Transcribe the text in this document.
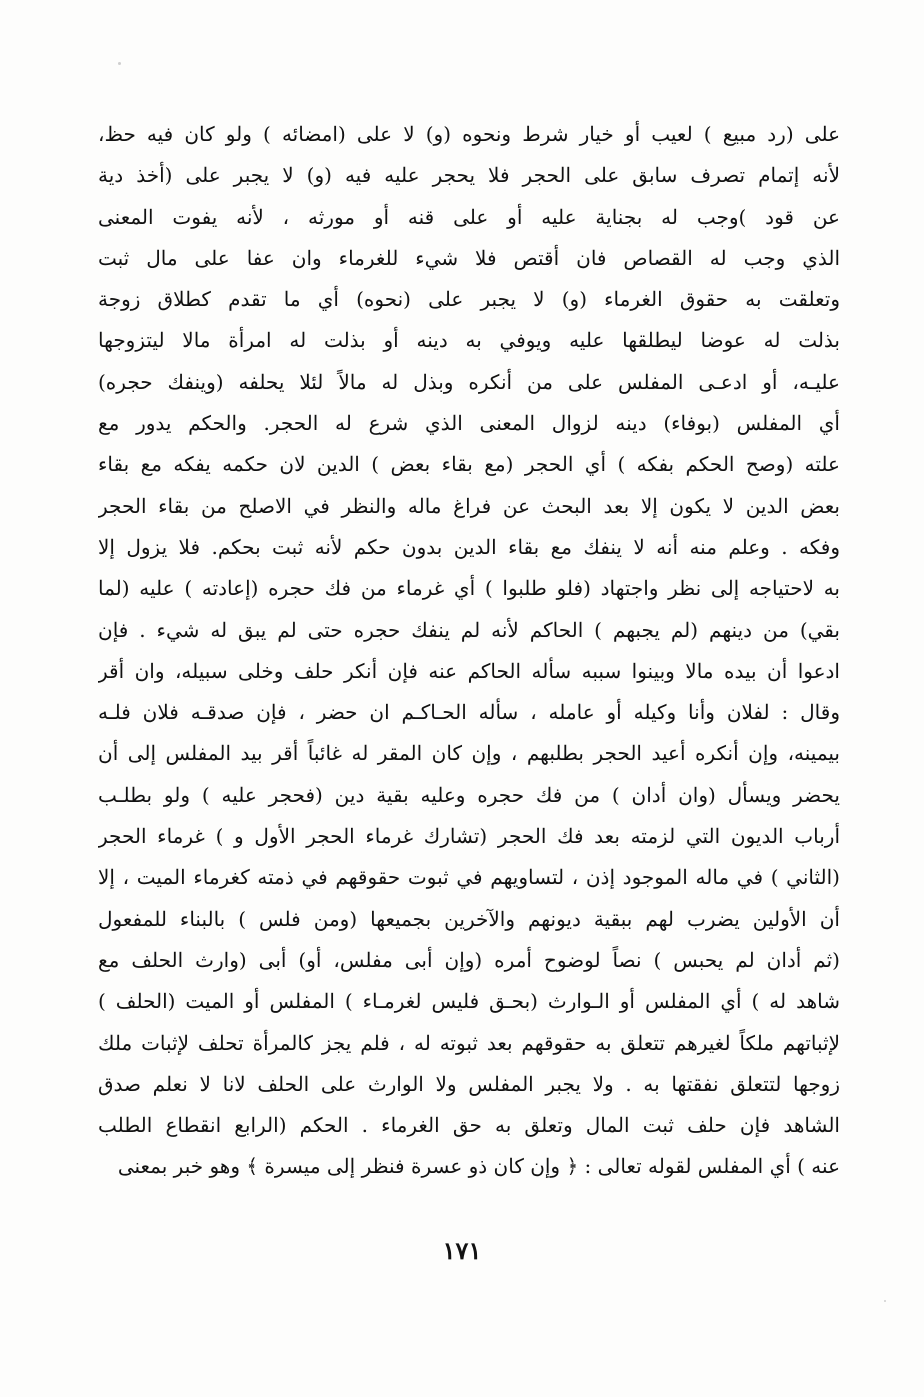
على (رد مبيع ) لعيب أو خيار شرط ونحوه (و) لا على (امضائه ) ولو كان فيه حظ،
لأنه إتمام تصرف سابق على الحجر فلا يحجر عليه فيه (و) لا يجبر على (أخذ دية
عن قود )وجب له بجناية عليه أو على قنه أو مورثه ، لأنه يفوت المعنى
الذي وجب له القصاص فان أقتص فلا شيء للغرماء وان عفا على مال ثبت
وتعلقت به حقوق الغرماء (و) لا يجبر على (نحوه) أي ما تقدم كطلاق زوجة
بذلت له عوضا ليطلقها عليه ويوفي به دينه أو بذلت له امرأة مالا ليتزوجها
عليـه، أو ادعـى المفلس على من أنكره وبذل له مالاً لئلا يحلفه (وينفك حجره)
أي المفلس (بوفاء) دينه لزوال المعنى الذي شرع له الحجر. والحكم يدور مع
علته (وصح الحكم بفكه ) أي الحجر (مع بقاء بعض ) الدين لان حكمه يفكه مع بقاء
بعض الدين لا يكون إلا بعد البحث عن فراغ ماله والنظر في الاصلح من بقاء الحجر
وفكه . وعلم منه أنه لا ينفك مع بقاء الدين بدون حكم لأنه ثبت بحكم. فلا يزول إلا
به لاحتياجه إلى نظر واجتهاد (فلو طلبوا ) أي غرماء من فك حجره (إعادته ) عليه (لما
بقي) من دينهم (لم يجبهم ) الحاكم لأنه لم ينفك حجره حتى لم يبق له شيء . فإن
ادعوا أن بيده مالا وبينوا سببه سأله الحاكم عنه فإن أنكر حلف وخلى سبيله، وان أقر
وقال : لفلان وأنا وكيله أو عامله ، سأله الحـاكـم ان حضر ، فإن صدقـه فلان فلـه
بيمينه، وإن أنكره أعيد الحجر بطلبهم ، وإن كان المقر له غائباً أقر بيد المفلس إلى أن
يحضر ويسأل (وان أدان ) من فك حجره وعليه بقية دين (فحجر عليه ) ولو بطلـب
أرباب الديون التي لزمته بعد فك الحجر (تشارك غرماء الحجر الأول و ) غرماء الحجر
(الثاني ) في ماله الموجود إذن ، لتساويهم في ثبوت حقوقهم في ذمته كغرماء الميت ، إلا
أن الأولين يضرب لهم ببقية ديونهم والآخرين بجميعها (ومن فلس ) بالبناء للمفعول
(ثم أدان لم يحبس ) نصاً لوضوح أمره (وإن أبى مفلس، أو) أبى (وارث الحلف مع
شاهد له ) أي المفلس أو الـوارث (بحـق فليس لغرمـاء ) المفلس أو الميت (الحلف )
لإثباتهم ملكاً لغيرهم تتعلق به حقوقهم بعد ثبوته له ، فلم يجز كالمرأة تحلف لإثبات ملك
زوجها لتتعلق نفقتها به . ولا يجبر المفلس ولا الوارث على الحلف لانا لا نعلم صدق
الشاهد فإن حلف ثبت المال وتعلق به حق الغرماء . الحكم (الرابع انقطاع الطلب
عنه ) أي المفلس لقوله تعالى : ﴿ وإن كان ذو عسرة فنظر إلى ميسرة ﴾ وهو خبر بمعنى
١٧١
